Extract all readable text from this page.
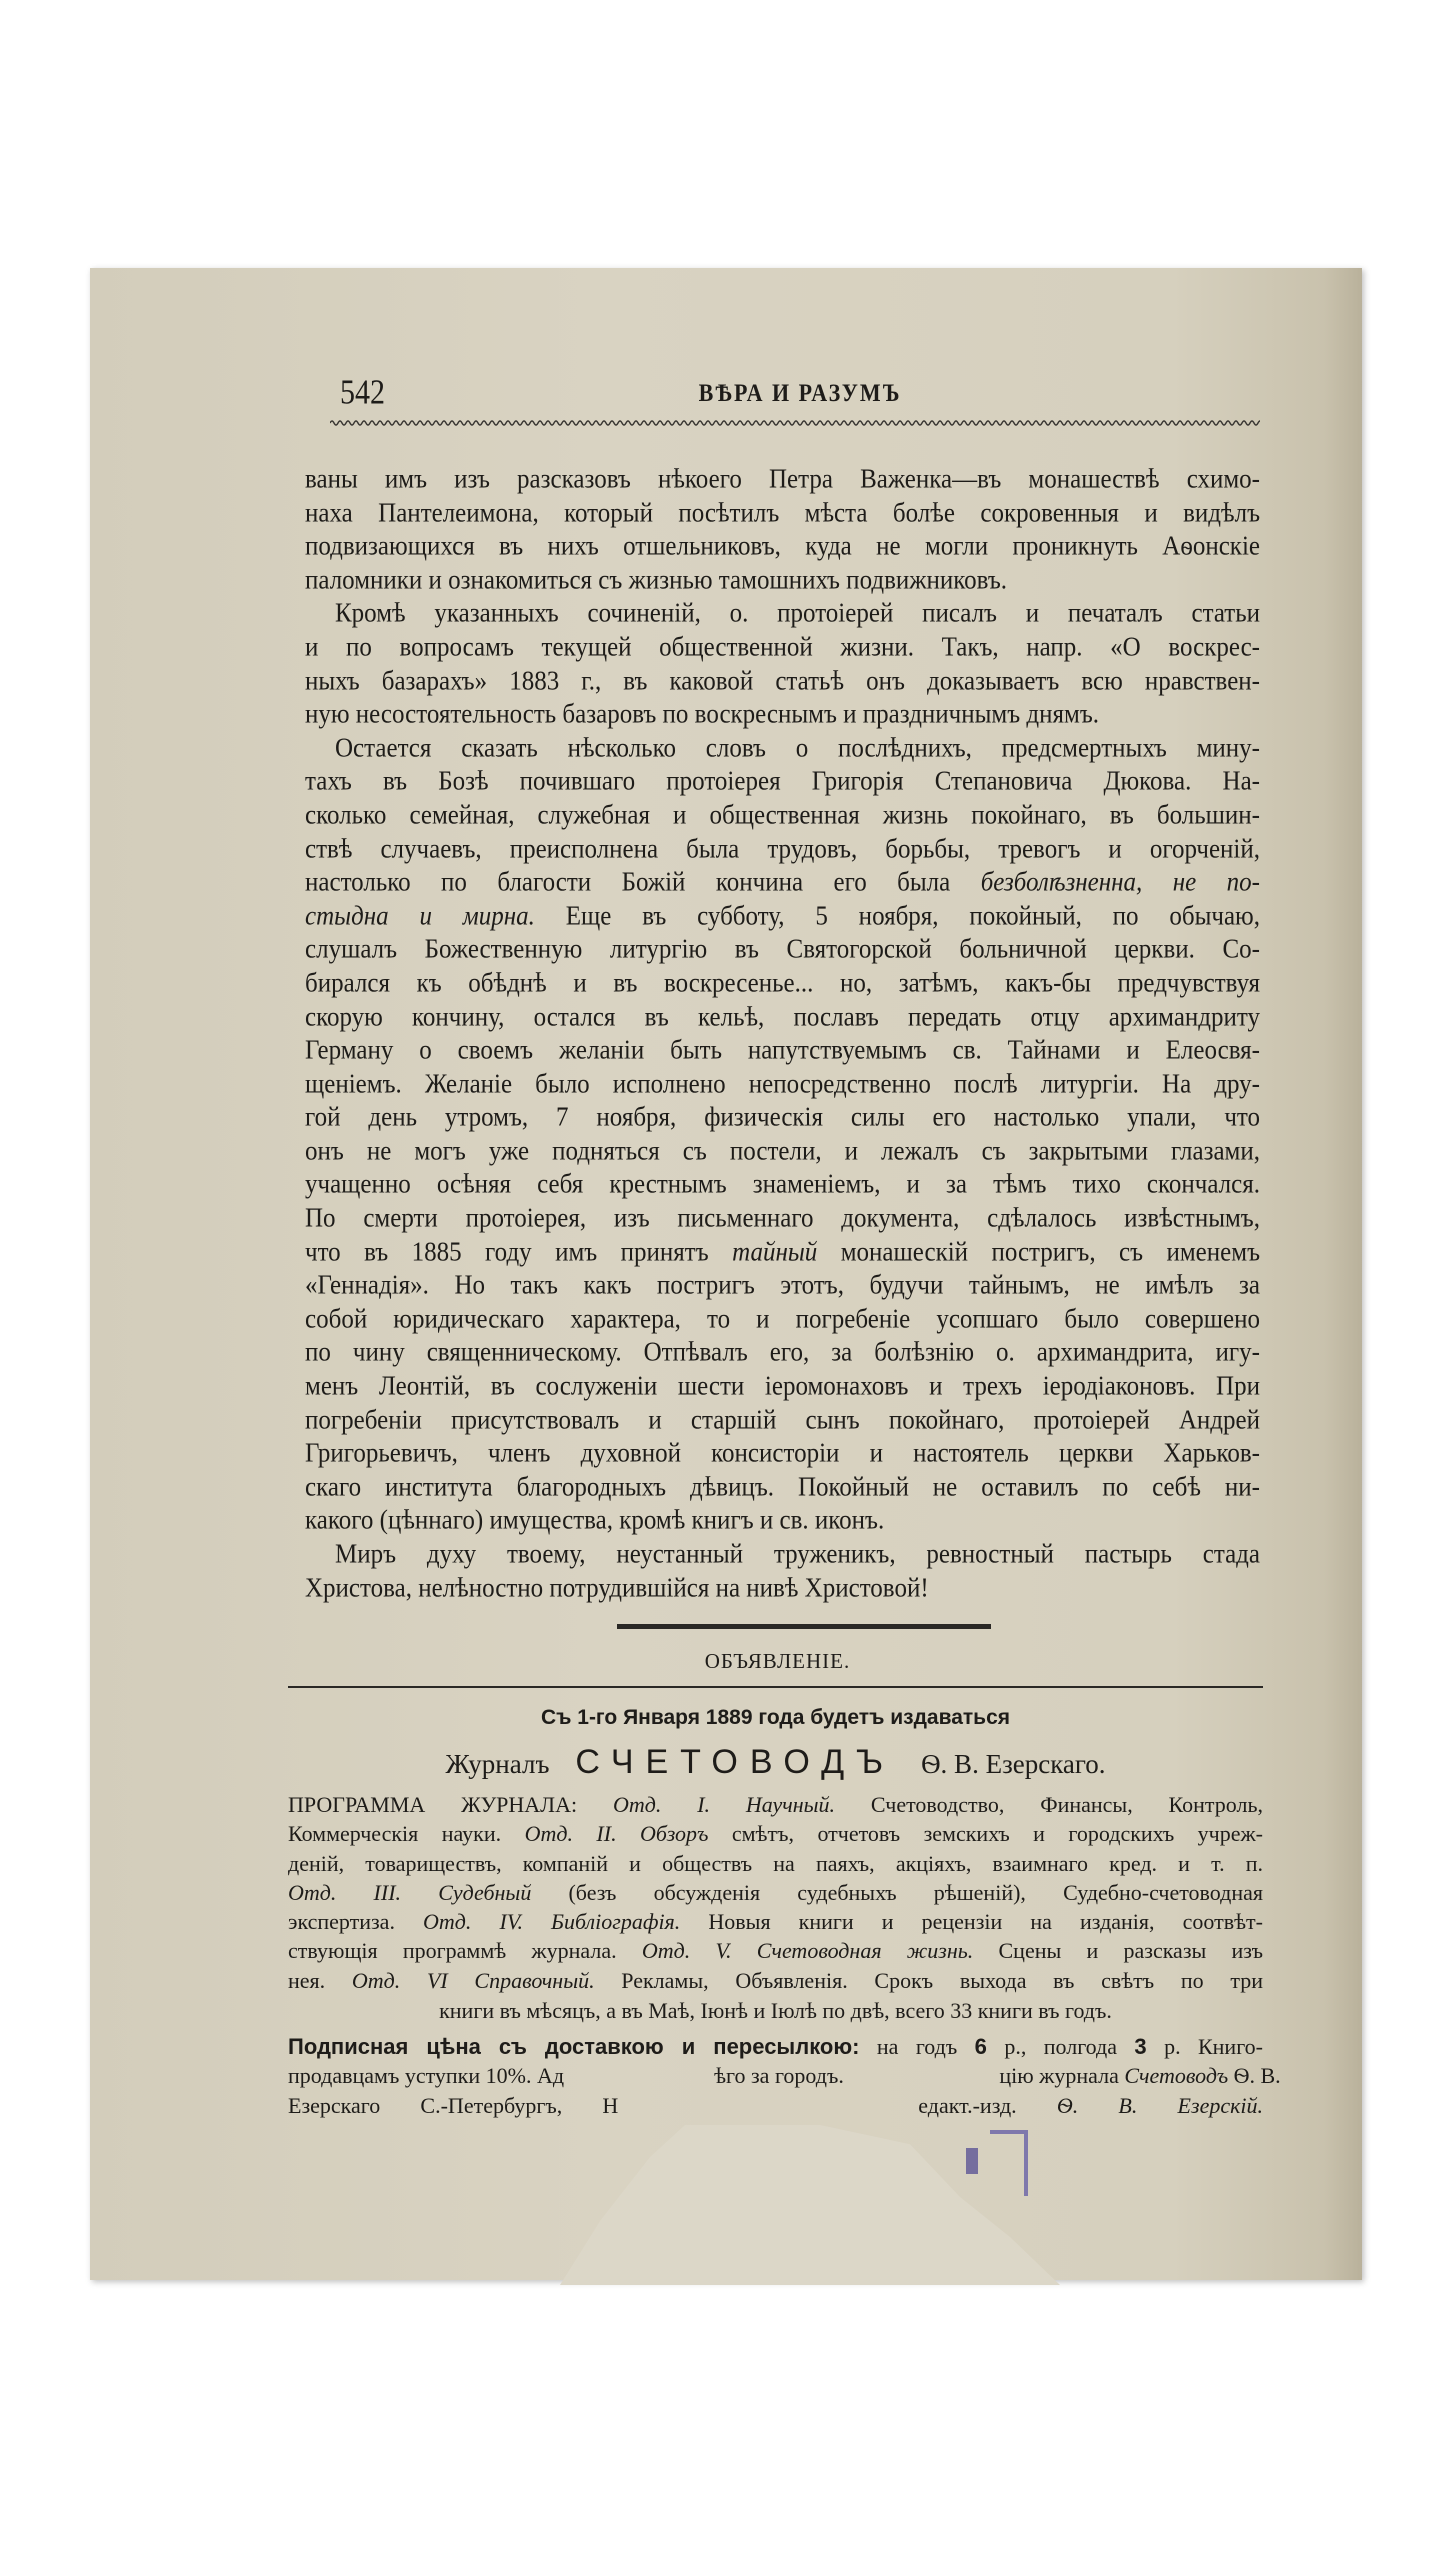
542	ВѢРА И РАЗУМЪ
ваны имъ изъ разсказовъ нѣкоего Петра Важенка—въ монашествѣ схимо-
наха Пантелеимона, который посѣтилъ мѣста болѣе сокровенныя и видѣлъ
подвизающихся въ нихъ отшельниковъ, куда не могли проникнуть Аѳонскіе
паломники и ознакомиться съ жизнью тамошнихъ подвижниковъ.
Кромѣ указанныхъ сочиненій, о. протоіерей писалъ и печаталъ статьи
и по вопросамъ текущей общественной жизни. Такъ, напр. «О воскрес-
ныхъ базарахъ» 1883 г., въ каковой статьѣ онъ доказываетъ всю нравствен-
ную несостоятельность базаровъ по воскреснымъ и праздничнымъ днямъ.
Остается сказать нѣсколько словъ о послѣднихъ, предсмертныхъ мину-
тахъ въ Бозѣ почившаго протоіерея Григорія Степановича Дюкова. На-
сколько семейная, служебная и общественная жизнь покойнаго, въ большин-
ствѣ случаевъ, преисполнена была трудовъ, борьбы, тревогъ и огорченій,
настолько по благости Божій кончина его была безболѣзненна, не по-
стыдна и мирна. Еще въ субботу, 5 ноября, покойный, по обычаю,
слушалъ Божественную литургію въ Святогорской больничной церкви. Со-
бирался къ обѣднѣ и въ воскресенье... но, затѣмъ, какъ-бы предчувствуя
скорую кончину, остался въ кельѣ, пославъ передать отцу архимандриту
Герману о своемъ желаніи быть напутствуемымъ св. Тайнами и Елеосвя-
щеніемъ. Желаніе было исполнено непосредственно послѣ литургіи. На дру-
гой день утромъ, 7 ноября, физическія силы его настолько упали, что
онъ не могъ уже подняться съ постели, и лежалъ съ закрытыми глазами,
учащенно осѣняя себя крестнымъ знаменіемъ, и за тѣмъ тихо скончался.
По смерти протоіерея, изъ письменнаго документа, сдѣлалось извѣстнымъ,
что въ 1885 году имъ принятъ тайный монашескій постригъ, съ именемъ
«Геннадія». Но такъ какъ постригъ этотъ, будучи тайнымъ, не имѣлъ за
собой юридическаго характера, то и погребеніе усопшаго было совершено
по чину священническому. Отпѣвалъ его, за болѣзнію о. архимандрита, игу-
менъ Леонтій, въ сослуженіи шести іеромонаховъ и трехъ іеродіаконовъ. При
погребеніи присутствовалъ и старшій сынъ покойнаго, протоіерей Андрей
Григорьевичъ, членъ духовной консисторіи и настоятель церкви Харьков-
скаго института благородныхъ дѣвицъ. Покойный не оставилъ по себѣ ни-
какого (цѣннаго) имущества, кромѣ книгъ и св. иконъ.
Миръ духу твоему, неустанный труженикъ, ревностный пастырь стада
Христова, нелѣностно потрудившійся на нивѣ Христовой!
ОБЪЯВЛЕНІЕ.
Съ 1-го Января 1889 года будетъ издаваться
Журналъ СЧЕТОВОДЪ Ѳ. В. Езерскаго.
ПРОГРАММА ЖУРНАЛА: Отд. I. Научный. Счетоводство, Финансы, Контроль,
Коммерческія науки. Отд. II. Обзоръ смѣтъ, отчетовъ земскихъ и городскихъ учреж-
деній, товариществъ, компаній и обществъ на паяхъ, акціяхъ, взаимнаго кред. и т. п.
Отд. III. Судебный (безъ обсужденія судебныхъ рѣшеній), Судебно-счетоводная
экспертиза. Отд. IV. Библіографія. Новыя книги и рецензіи на изданія, соотвѣт-
ствующія программѣ журнала. Отд. V. Счетоводная жизнь. Сцены и разсказы изъ
нея. Отд. VI Справочный. Рекламы, Объявленія. Срокъ выхода въ свѣтъ по три
книги въ мѣсяцъ, а въ Маѣ, Іюнѣ и Іюлѣ по двѣ, всего 33 книги въ годъ.
Подписная цѣна съ доставкою и пересылкою: на годъ 6 р., полгода 3 р. Книго-
продавцамъ уступки 10%. Ад	ѣго за городъ.	цію журнала Счетоводъ Ѳ. В.
Езерскаго С.-Петербургъ, Н	едакт.-изд. Ѳ. В. Езерскій.
